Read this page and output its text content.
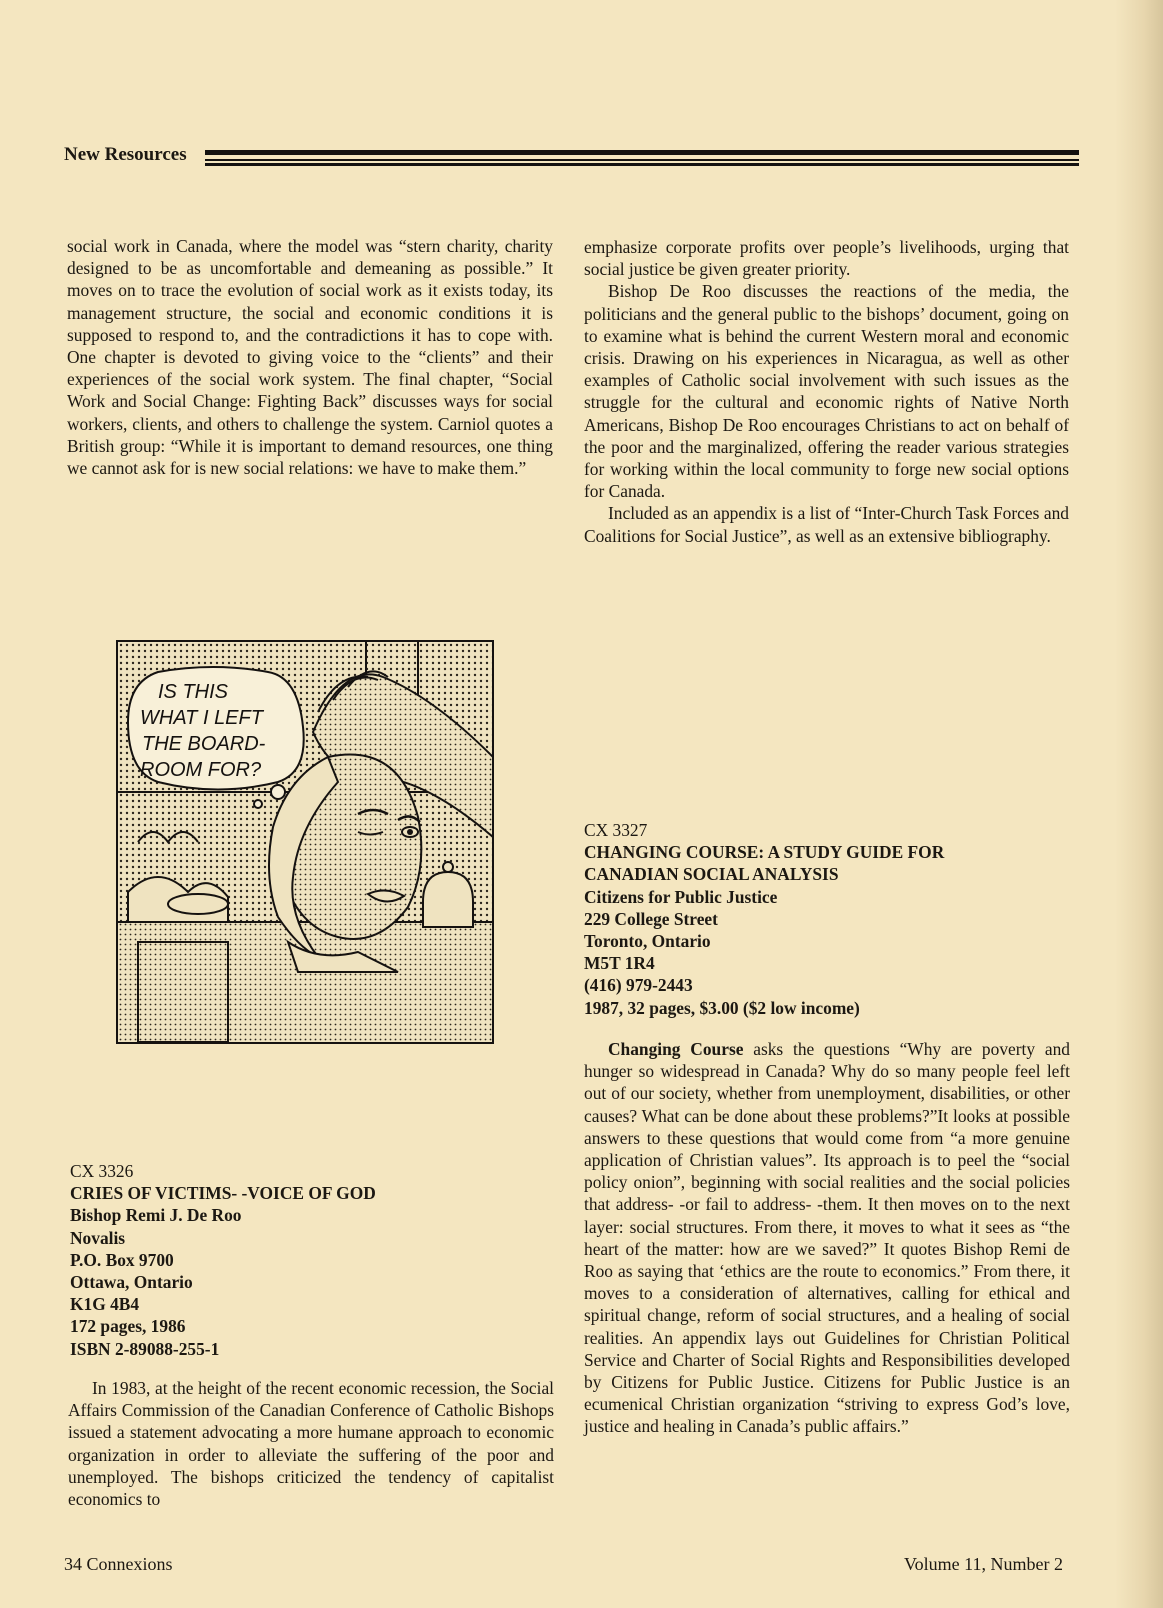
New Resources

social work in Canada, where the model was “stern charity, charity designed to be as uncomfortable and demeaning as possible.” It moves on to trace the evolution of social work as it exists today, its management structure, the social and economic conditions it is supposed to respond to, and the contradictions it has to cope with. One chapter is devoted to giving voice to the “clients” and their experiences of the social work system. The final chapter, “Social Work and Social Change: Fighting Back” discusses ways for social workers, clients, and others to challenge the system. Carniol quotes a British group: “While it is important to demand resources, one thing we cannot ask for is new social relations: we have to make them.”

emphasize corporate profits over people’s livelihoods, urging that social justice be given greater priority.

Bishop De Roo discusses the reactions of the media, the politicians and the general public to the bishops’ document, going on to examine what is behind the current Western moral and economic crisis. Drawing on his experiences in Nicaragua, as well as other examples of Catholic social involvement with such issues as the struggle for the cultural and economic rights of Native North Americans, Bishop De Roo encourages Christians to act on behalf of the poor and the marginalized, offering the reader various strategies for working within the local community to forge new social options for Canada.

Included as an appendix is a list of “Inter-Church Task Forces and Coalitions for Social Justice”, as well as an extensive bibliography.

IS THIS
WHAT I LEFT
THE BOARD-
ROOM FOR?
CX 3326
CRIES OF VICTIMS- -VOICE OF GOD
Bishop Remi J. De Roo
Novalis
P.O. Box 9700
Ottawa, Ontario
K1G 4B4
172 pages, 1986
ISBN 2-89088-255-1

In 1983, at the height of the recent economic recession, the Social Affairs Commission of the Canadian Conference of Catholic Bishops issued a statement advocating a more humane approach to economic organization in order to alleviate the suffering of the poor and unemployed. The bishops criticized the tendency of capitalist economics to

CX 3327
CHANGING COURSE: A STUDY GUIDE FOR
CANADIAN SOCIAL ANALYSIS
Citizens for Public Justice
229 College Street
Toronto, Ontario
M5T 1R4
(416) 979-2443
1987, 32 pages, $3.00 ($2 low income)

Changing Course asks the questions “Why are poverty and hunger so widespread in Canada? Why do so many people feel left out of our society, whether from unemployment, disabilities, or other causes? What can be done about these problems?”It looks at possible answers to these questions that would come from “a more genuine application of Christian values”. Its approach is to peel the “social policy onion”, beginning with social realities and the social policies that address- -or fail to address- -them. It then moves on to the next layer: social structures. From there, it moves to what it sees as “the heart of the matter: how are we saved?” It quotes Bishop Remi de Roo as saying that ‘ethics are the route to economics.” From there, it moves to a consideration of alternatives, calling for ethical and spiritual change, reform of social structures, and a healing of social realities. An appendix lays out Guidelines for Christian Political Service and Charter of Social Rights and Responsibilities developed by Citizens for Public Justice. Citizens for Public Justice is an ecumenical Christian organization “striving to express God’s love, justice and healing in Canada’s public affairs.”

34 Connexions	Volume 11, Number 2
